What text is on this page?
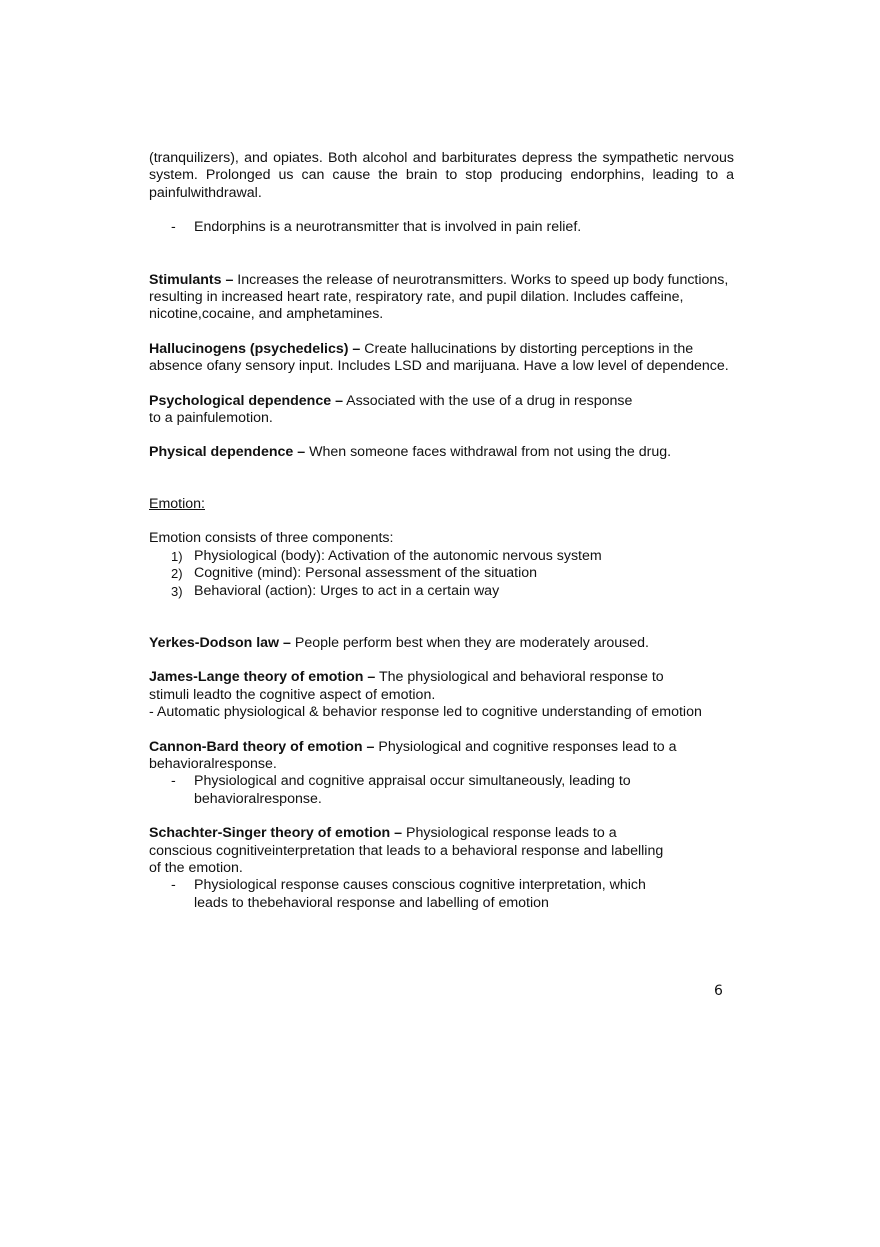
(tranquilizers), and opiates. Both alcohol and barbiturates depress the sympathetic nervous system. Prolonged us can cause the brain to stop producing endorphins, leading to a painfulwithdrawal.

- Endorphins is a neurotransmitter that is involved in pain relief.

Stimulants – Increases the release of neurotransmitters. Works to speed up body functions, resulting in increased heart rate, respiratory rate, and pupil dilation. Includes caffeine, nicotine,cocaine, and amphetamines.

Hallucinogens (psychedelics) – Create hallucinations by distorting perceptions in the absence ofany sensory input. Includes LSD and marijuana. Have a low level of dependence.

Psychological dependence – Associated with the use of a drug in response
to a painfulemotion.

Physical dependence – When someone faces withdrawal from not using the drug.

Emotion:

Emotion consists of three components:

1) Physiological (body): Activation of the autonomic nervous system
2) Cognitive (mind): Personal assessment of the situation
3) Behavioral (action): Urges to act in a certain way

Yerkes-Dodson law – People perform best when they are moderately aroused.

James-Lange theory of emotion – The physiological and behavioral response to
stimuli leadto the cognitive aspect of emotion.
- Automatic physiological & behavior response led to cognitive understanding of emotion

Cannon-Bard theory of emotion – Physiological and cognitive responses lead to a
behavioralresponse.

- Physiological and cognitive appraisal occur simultaneously, leading to
behavioralresponse.

Schachter-Singer theory of emotion – Physiological response leads to a
conscious cognitiveinterpretation that leads to a behavioral response and labelling
of the emotion.

- Physiological response causes conscious cognitive interpretation, which
leads to thebehavioral response and labelling of emotion
6
